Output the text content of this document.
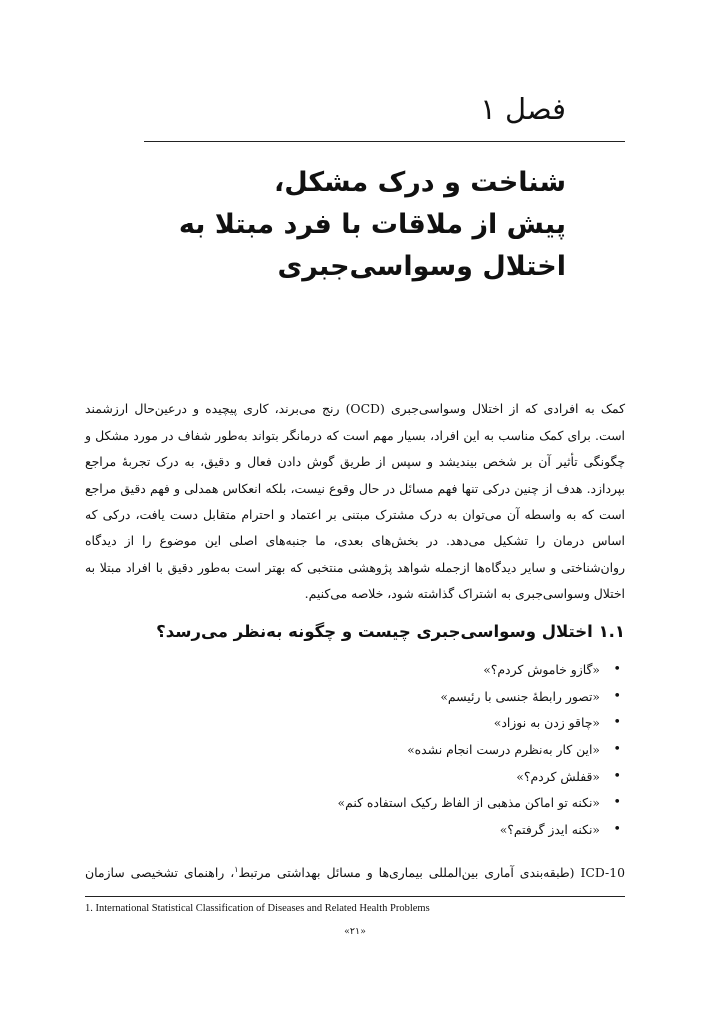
فصل ۱
شناخت و درک مشکل،
پیش از ملاقات با فرد مبتلا به
اختلال وسواسی‌جبری

کمک به افرادی که از اختلال وسواسی‌جبری (OCD) رنج می‌برند، کاری پیچیده و درعین‌حال ارزشمند است. برای کمک مناسب به این افراد، بسیار مهم است که درمانگر بتواند به‌طور شفاف در مورد مشکل و چگونگی تأثیر آن بر شخص بیندیشد و سپس از طریق گوش دادن فعال و دقیق، به درک تجربهٔ مراجع بپردازد. هدف از چنین درکی تنها فهم مسائل در حال وقوع نیست، بلکه انعکاس همدلی و فهم دقیق مراجع است که به واسطه آن می‌توان به درک مشترک مبتنی بر اعتماد و احترام متقابل دست یافت، درکی که اساس درمان را تشکیل می‌دهد. در بخش‌های بعدی، ما جنبه‌های اصلی این موضوع را از دیدگاه روان‌شناختی و سایر دیدگاه‌ها ازجمله شواهد پژوهشی منتخبی که بهتر است به‌طور دقیق با افراد مبتلا به اختلال وسواسی‌جبری به اشتراک گذاشته شود، خلاصه می‌کنیم.

۱.۱ اختلال وسواسی‌جبری چیست و چگونه به‌نظر می‌رسد؟
• «گازو خاموش کردم؟»
• «تصور رابطهٔ جنسی با رئیسم»
• «چاقو زدن به نوزاد»
• «این کار به‌نظرم درست انجام نشده»
• «قفلش کردم؟»
• «نکنه تو اماکن مذهبی از الفاظ رکیک استفاده کنم»
• «نکنه ایدز گرفتم؟»

ICD-10 (طبقه‌بندی آماری بین‌المللی بیماری‌ها و مسائل بهداشتی مرتبط$^۱$، راهنمای تشخیصی سازمان

1. International Statistical Classification of Diseases and Related Health Problems
«۲۱»
